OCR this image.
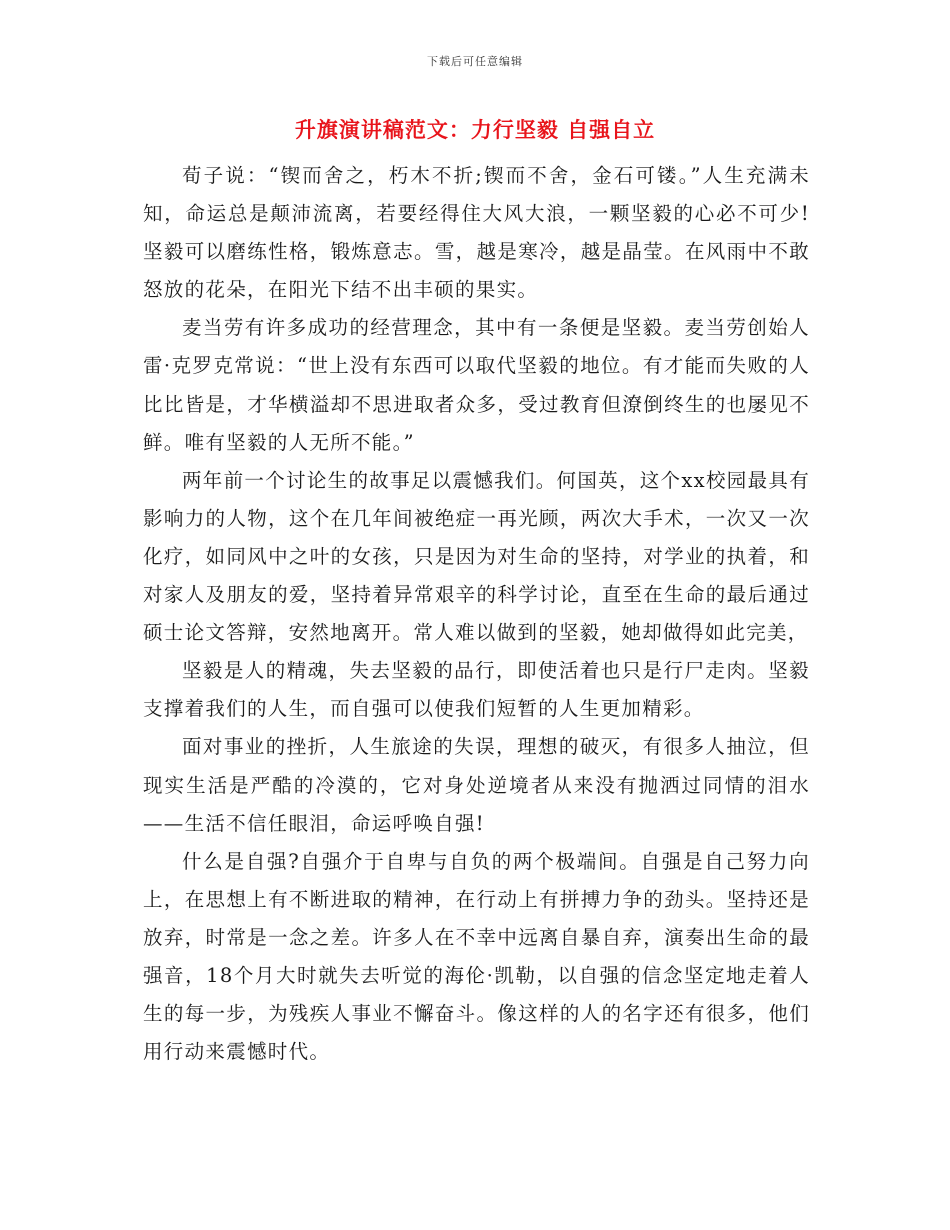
下载后可任意编辑
升旗演讲稿范文：力行坚毅 自强自立

荀子说：“锲而舍之，朽木不折;锲而不舍，金石可镂。”人生充满未知，命运总是颠沛流离，若要经得住大风大浪，一颗坚毅的心必不可少!坚毅可以磨练性格，锻炼意志。雪，越是寒冷，越是晶莹。在风雨中不敢怒放的花朵，在阳光下结不出丰硕的果实。

麦当劳有许多成功的经营理念，其中有一条便是坚毅。麦当劳创始人雷·克罗克常说：“世上没有东西可以取代坚毅的地位。有才能而失败的人比比皆是，才华横溢却不思进取者众多，受过教育但潦倒终生的也屡见不鲜。唯有坚毅的人无所不能。”

两年前一个讨论生的故事足以震憾我们。何国英，这个xx校园最具有影响力的人物，这个在几年间被绝症一再光顾，两次大手术，一次又一次化疗，如同风中之叶的女孩，只是因为对生命的坚持，对学业的执着，和对家人及朋友的爱，坚持着异常艰辛的科学讨论，直至在生命的最后通过硕士论文答辩，安然地离开。常人难以做到的坚毅，她却做得如此完美，

坚毅是人的精魂，失去坚毅的品行，即使活着也只是行尸走肉。坚毅支撑着我们的人生，而自强可以使我们短暂的人生更加精彩。

面对事业的挫折，人生旅途的失误，理想的破灭，有很多人抽泣，但现实生活是严酷的冷漠的，它对身处逆境者从来没有抛洒过同情的泪水——生活不信任眼泪，命运呼唤自强!

什么是自强?自强介于自卑与自负的两个极端间。自强是自己努力向上，在思想上有不断进取的精神，在行动上有拼搏力争的劲头。坚持还是放弃，时常是一念之差。许多人在不幸中远离自暴自弃，演奏出生命的最强音，18个月大时就失去听觉的海伦·凯勒，以自强的信念坚定地走着人生的每一步，为残疾人事业不懈奋斗。像这样的人的名字还有很多，他们用行动来震憾时代。
